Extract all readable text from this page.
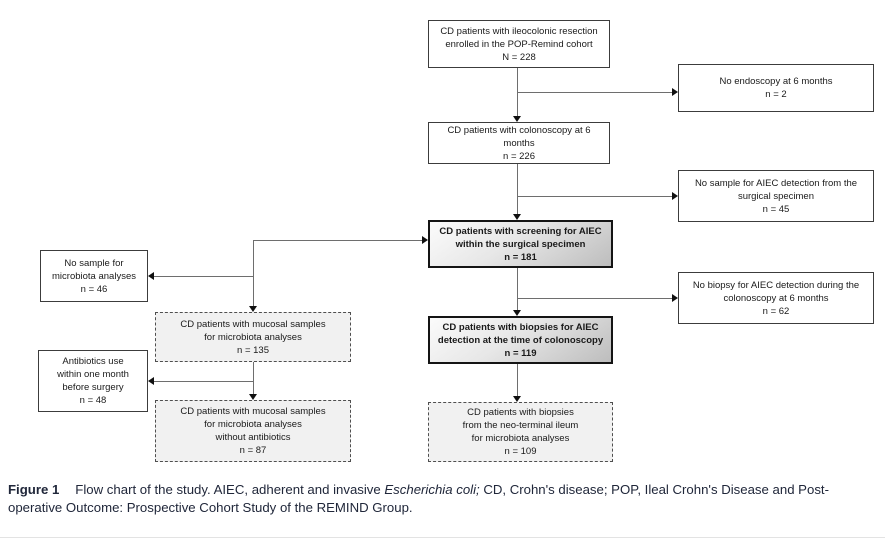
CD patients with ileocolonic resection
enrolled in the POP-Remind cohort
N = 228
CD patients with colonoscopy at 6
months
n = 226
CD patients with screening for AIEC
within the surgical specimen
n = 181
CD patients with biopsies for AIEC
detection at the time of colonoscopy
n = 119
CD patients with biopsies
from the neo-terminal ileum
for microbiota analyses
n = 109
No endoscopy at 6 months
n = 2
No sample for AIEC detection from the
surgical specimen
n = 45
No biopsy for AIEC detection during the
colonoscopy at 6 months
n = 62
No sample for
microbiota analyses
n = 46
Antibiotics use
within one month
before surgery
n = 48
CD patients with mucosal samples
for microbiota analyses
n = 135
CD patients with mucosal samples
for microbiota analyses
without antibiotics
n = 87
Figure 1 Flow chart of the study. AIEC, adherent and invasive Escherichia coli; CD, Crohn's disease; POP, Ileal Crohn's Disease and Post-operative Outcome: Prospective Cohort Study of the REMIND Group.
